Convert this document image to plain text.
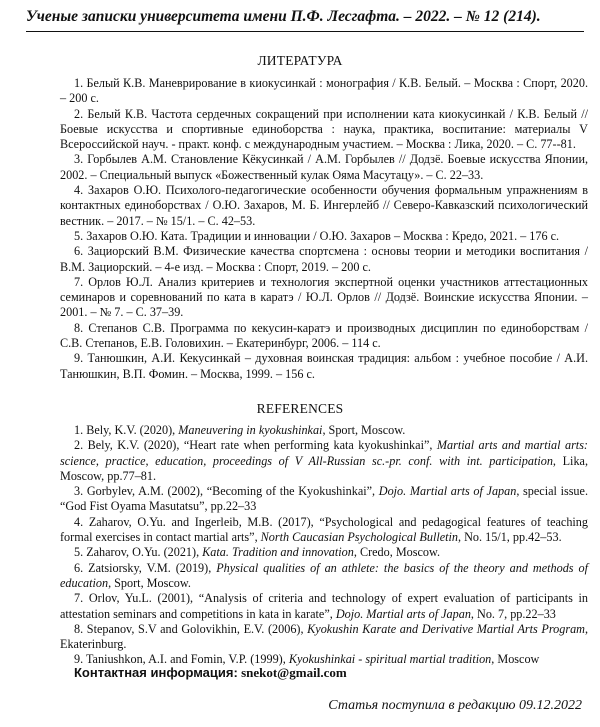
Ученые записки университета имени П.Ф. Лесгафта. – 2022. – № 12 (214).
ЛИТЕРАТУРА
1. Белый К.В. Маневрирование в киокусинкай : монография / К.В. Белый. – Москва : Спорт, 2020. – 200 с.
2. Белый К.В. Частота сердечных сокращений при исполнении ката киокусинкай / К.В. Белый // Боевые искусства и спортивные единоборства : наука, практика, воспитание: материалы V Всероссийской науч. - практ. конф. с международным участием. – Москва : Лика, 2020. – С. 77--81.
3. Горбылев А.М. Становление Кёкусинкай / А.М. Горбылев // Додзё. Боевые искусства Японии, 2002. – Специальный выпуск «Божественный кулак Ояма Масутацу». – С. 22–33.
4. Захаров О.Ю. Психолого-педагогические особенности обучения формальным упражнениям в контактных единоборствах / О.Ю. Захаров, М. Б. Ингерлейб // Северо-Кавказский психологический вестник. – 2017. – № 15/1. – С. 42–53.
5. Захаров О.Ю. Ката. Традиции и инновации / О.Ю. Захаров – Москва : Кредо, 2021. – 176 с.
6. Зациорский В.М. Физические качества спортсмена : основы теории и методики воспитания / В.М. Зациорский. – 4-е изд. – Москва : Спорт, 2019. – 200 с.
7. Орлов Ю.Л. Анализ критериев и технология экспертной оценки участников аттестационных семинаров и соревнований по ката в каратэ / Ю.Л. Орлов // Додзё. Воинские искусства Японии. – 2001. – № 7. – С. 37–39.
8. Степанов С.В. Программа по кекусин-каратэ и производных дисциплин по единоборствам / С.В. Степанов, Е.В. Головихин. – Екатеринбург, 2006. – 114 с.
9. Танюшкин, А.И. Кекусинкай – духовная воинская традиция: альбом : учебное пособие / А.И. Танюшкин, В.П. Фомин. – Москва, 1999. – 156 с.
REFERENCES
1. Bely, K.V. (2020), Maneuvering in kyokushinkai, Sport, Moscow.
2. Bely, K.V. (2020), “Heart rate when performing kata kyokushinkai”, Martial arts and martial arts: science, practice, education, proceedings of V All-Russian sc.-pr. conf. with int. participation, Lika, Moscow, pp.77–81.
3. Gorbylev, A.M. (2002), “Becoming of the Kyokushinkai”, Dojo. Martial arts of Japan, special issue. “God Fist Oyama Masutatsu”, pp.22–33
4. Zaharov, O.Yu. and Ingerleib, M.B. (2017), “Psychological and pedagogical features of teaching formal exercises in contact martial arts”, North Caucasian Psychological Bulletin, No. 15/1, pp.42–53.
5. Zaharov, O.Yu. (2021), Kata. Tradition and innovation, Credo, Moscow.
6. Zatsiorsky, V.M. (2019), Physical qualities of an athlete: the basics of the theory and methods of education, Sport, Moscow.
7. Orlov, Yu.L. (2001), “Analysis of criteria and technology of expert evaluation of participants in attestation seminars and competitions in kata in karate”, Dojo. Martial arts of Japan, No. 7, pp.22–33
8. Stepanov, S.V and Golovikhin, E.V. (2006), Kyokushin Karate and Derivative Martial Arts Program, Ekaterinburg.
9. Taniushkon, A.I. and Fomin, V.P. (1999), Kyokushinkai - spiritual martial tradition, Moscow
Контактная информация: snekot@gmail.com
Статья поступила в редакцию 09.12.2022
